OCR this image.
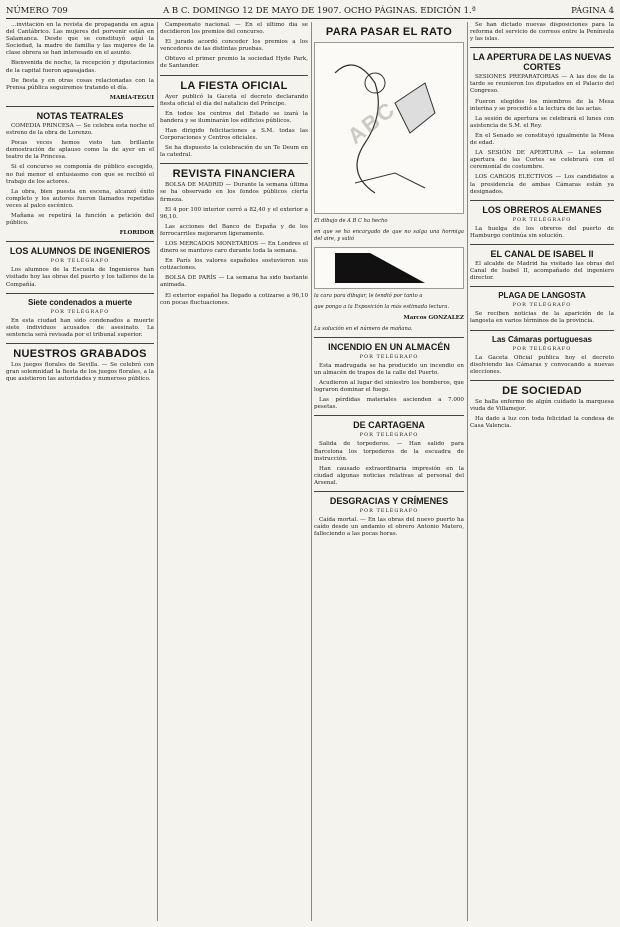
NÚMERO 709	A B C. DOMINGO 12 DE MAYO DE 1907. OCHO PÁGINAS. EDICIÓN 1.ª	PÁGINA 4

...invitación en la revista de propaganda en agua del Cantábrico. Las mujeres del porvenir están en Salamanca. Desde que se constituyó aquí la Sociedad, la madre de familia y las mujeres de la clase obrera se han interesado en el asunto.

Bienvenida de noche, la recepción y diputaciones de la capital fueron agasajadas.

De fiesta y en otras cosas relacionadas con la Prensa pública seguiremos tratando el día.

MARÍA-TEGUI
NOTAS TEATRALES

COMEDIA PRINCESA — Se celebra esta noche el estreno de la obra de Lorenzo.

Pocas veces hemos visto tan brillante demostración de aplauso como la de ayer en el teatro de la Princesa.

Si el concurso se componía de público escogido, no fué menor el entusiasmo con que se recibió el trabajo de los actores.

La obra, bien puesta en escena, alcanzó éxito completo y los autores fueron llamados repetidas veces al palco escénico.

Mañana se repetirá la función a petición del público.

FLORIDOR
LOS ALUMNOS DE INGENIEROS
POR TELÉGRAFO

Los alumnos de la Escuela de Ingenieros han visitado hoy las obras del puerto y los talleres de la Compañía.

Siete condenados a muerte
POR TELÉGRAFO

En esta ciudad han sido condenados a muerte siete individuos acusados de asesinato. La sentencia será revisada por el tribunal superior.

NUESTROS GRABADOS

Los juegos florales de Sevilla. — Se celebró con gran solemnidad la fiesta de los juegos florales, a la que asistieron las autoridades y numeroso público.

Campeonato nacional. — En el último día se decidieron los premios del concurso.

El jurado acordó conceder los premios a los vencedores de las distintas pruebas.

Obtuvo el primer premio la sociedad Hyde Park, de Santander.

LA FIESTA OFICIAL

Ayer publicó la Gaceta el decreto declarando fiesta oficial el día del natalicio del Príncipe.

En todos los centros del Estado se izará la bandera y se iluminarán los edificios públicos.

Han dirigido felicitaciones a S.M. todas las Corporaciones y Centros oficiales.

Se ha dispuesto la celebración de un Te Deum en la catedral.

REVISTA FINANCIERA

BOLSA DE MADRID — Durante la semana última se ha observado en los fondos públicos cierta firmeza.

El 4 por 100 interior cerró a 82,40 y el exterior a 96,10.

Las acciones del Banco de España y de los ferrocarriles mejoraron ligeramente.

LOS MERCADOS MONETARIOS — En Londres el dinero se mantuvo caro durante toda la semana.

En París los valores españoles sostuvieron sus cotizaciones.

BOLSA DE PARÍS — La semana ha sido bastante animada.

El exterior español ha llegado a cotizarse a 96,10 con pocas fluctuaciones.

PARA PASAR EL RATO
El dibujo de A B C ha hecho
en que se ha encargado de que no salga una hormiga del aire, y salió
la cara para dibujar, le tendió por tanto a
que pongo a la Exposición la más estimada lectura.
Marcos GONZALEZ
La solución en el número de mañana.
INCENDIO EN UN ALMACÉN
POR TELÉGRAFO

Esta madrugada se ha producido un incendio en un almacén de trapos de la calle del Puerto.

Acudieron al lugar del siniestro los bomberos, que lograron dominar el fuego.

Las pérdidas materiales ascienden a 7.000 pesetas.

DE CARTAGENA
POR TELÉGRAFO

Salida de torpederos. — Han salido para Barcelona los torpederos de la escuadra de instrucción.

Han causado extraordinaria impresión en la ciudad algunas noticias relativas al personal del Arsenal.

DESGRACIAS Y CRÍMENES
POR TELÉGRAFO

Caída mortal. — En las obras del nuevo puerto ha caído desde un andamio el obrero Antonio Matero, falleciendo a las pocas horas.

Se han dictado nuevas disposiciones para la reforma del servicio de correos entre la Península y las islas.

LA APERTURA DE LAS NUEVAS CORTES

SESIONES PREPARATORIAS — A las dos de la tarde se reunieron los diputados en el Palacio del Congreso.

Fueron elegidos los miembros de la Mesa interina y se procedió a la lectura de las actas.

La sesión de apertura se celebrará el lunes con asistencia de S.M. el Rey.

En el Senado se constituyó igualmente la Mesa de edad.

LA SESIÓN DE APERTURA — La solemne apertura de las Cortes se celebrará con el ceremonial de costumbre.

LOS CARGOS ELECTIVOS — Los candidatos a la presidencia de ambas Cámaras están ya designados.

LOS OBREROS ALEMANES
POR TELÉGRAFO

La huelga de los obreros del puerto de Hamburgo continúa sin solución.

EL CANAL DE ISABEL II

El alcalde de Madrid ha visitado las obras del Canal de Isabel II, acompañado del ingeniero director.

PLAGA DE LANGOSTA
POR TELÉGRAFO

Se reciben noticias de la aparición de la langosta en varios términos de la provincia.

Las Cámaras portuguesas
POR TELÉGRAFO

La Gaceta Oficial publica hoy el decreto disolviendo las Cámaras y convocando a nuevas elecciones.

DE SOCIEDAD

Se halla enfermo de algún cuidado la marquesa viuda de Villamejor.

Ha dado a luz con toda felicidad la condesa de Casa Valencia.

ABC
